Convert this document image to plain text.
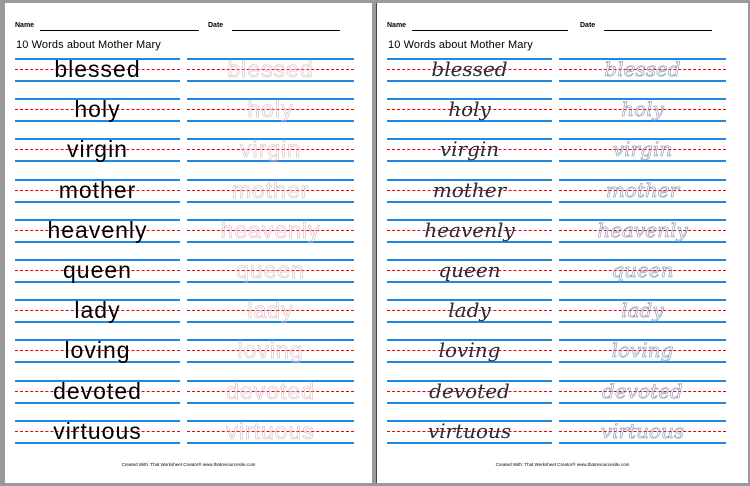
Name	Date
10 Words about Mother Mary
blessed	blessed
holy	holy
virgin	virgin
mother	mother
heavenly	heavenly
queen	queen
lady	lady
loving	loving
devoted	devoted
virtuous	virtuous
Created With: That Worksheet Creator® www.thatresourcesite.com
Name	Date
10 Words about Mother Mary
blessed	blessed
holy	holy
virgin	virgin
mother	mother
heavenly	heavenly
queen	queen
lady	lady
loving	loving
devoted	devoted
virtuous	virtuous
Created With: That Worksheet Creator® www.thatresourcesite.com
